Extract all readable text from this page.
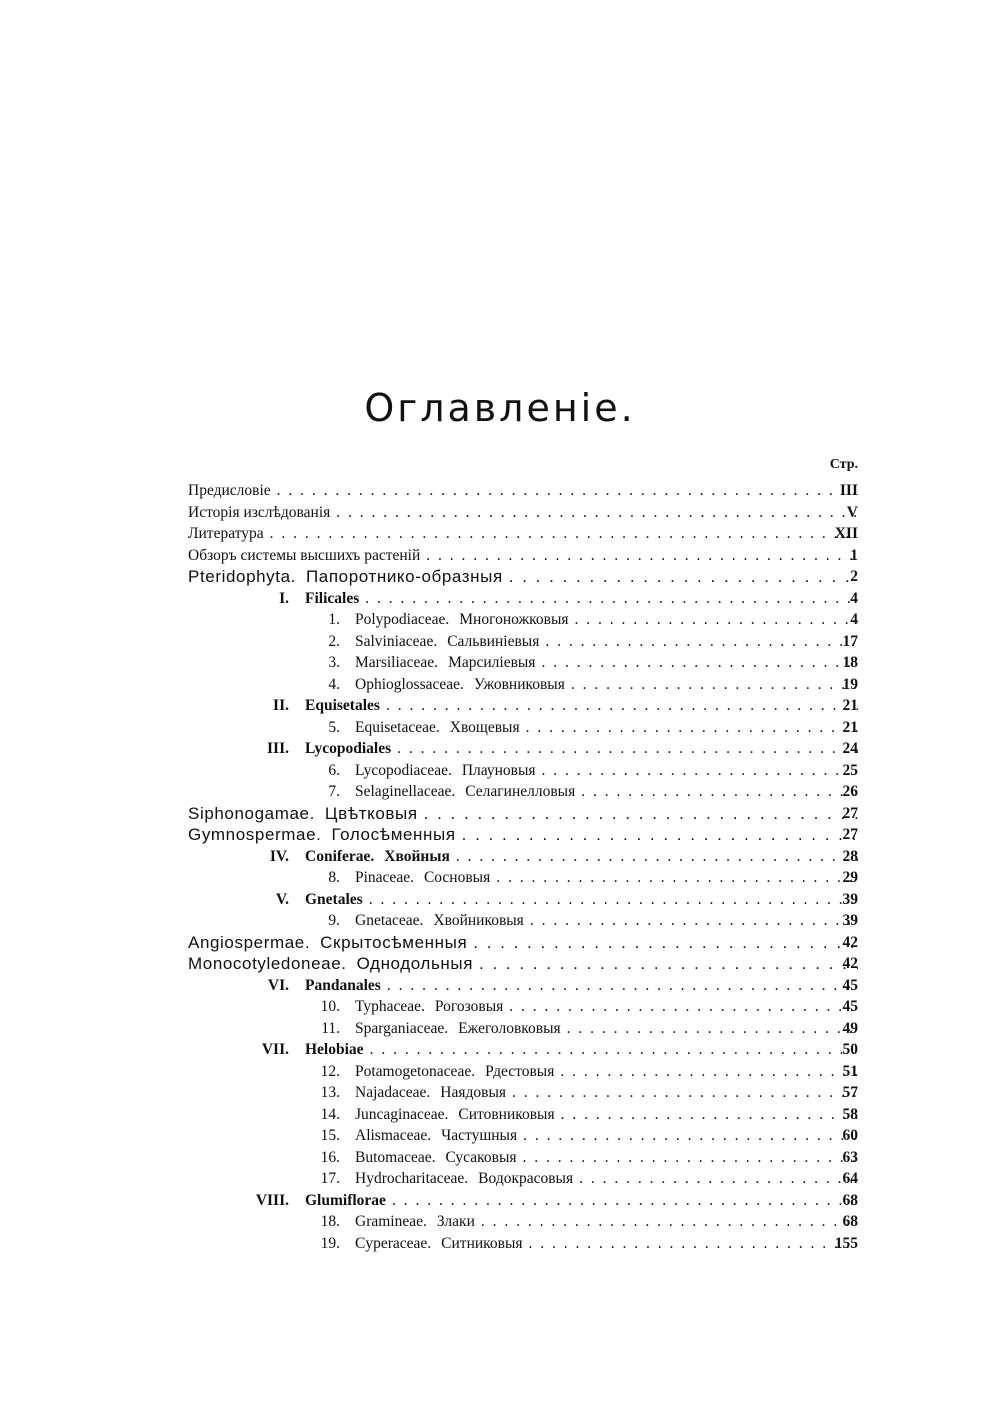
Оглавленіе.
Стр.
Предисловіе . . .	III
Исторія изслѣдованія . . .	V
Литература . . .	XII
Обзоръ системы высшихъ растеній . . .	1
Pteridophyta. Папоротнико-образныя . . .	2
I. Filicales . . .	4
1. Polypodiaceae. Многоножковыя . . .	4
2. Salviniaceae. Сальвиніевыя . . .	17
3. Marsiliaceae. Марсиліевыя . . .	18
4. Ophioglossaceae. Ужовниковыя . . .	19
II. Equisetales . . .	21
5. Equisetaceae. Хвощевыя . . .	21
III. Lycopodiales . . .	24
6. Lycopodiaceae. Плауновыя . . .	25
7. Selaginellaceae. Селагинелловыя . . .	26
Siphonogamae. Цвѣтковыя . . .	27
Gymnospermae. Голосѣменныя . . .	27
IV. Coniferae. Хвойныя . . .	28
8. Pinaceae. Сосновыя . . .	29
V. Gnetales . . .	39
9. Gnetaceae. Хвойниковыя . . .	39
Angiospermae. Скрытосѣменныя . . .	42
Monocotyledoneae. Однодольныя . . .	42
VI. Pandanales . . .	45
10. Typhaceae. Рогозовыя . . .	45
11. Sparganiaceae. Ежеголовковыя . . .	49
VII. Helobiae . . .	50
12. Potamogetonaceae. Рдестовыя . . .	51
13. Najadaceae. Наядовыя . . .	57
14. Juncaginaceae. Ситовниковыя . . .	58
15. Alismaceae. Частушныя . . .	60
16. Butomaceae. Сусаковыя . . .	63
17. Hydrocharitaceae. Водокрасовыя . . .	64
VIII. Glumiflorae . . .	68
18. Gramineae. Злаки . . .	68
19. Cyperaceae. Ситниковыя . . .	155
